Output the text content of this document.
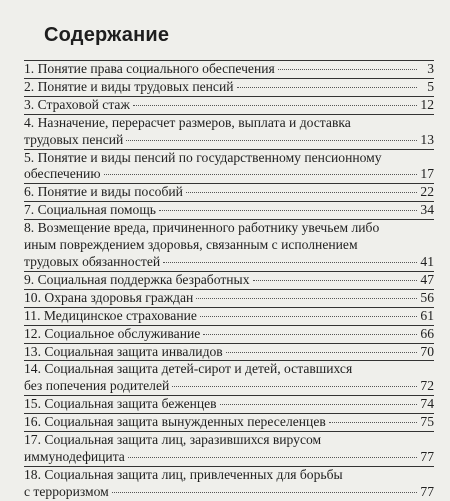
Содержание
1. Понятие права социального обеспечения	3
2. Понятие и виды трудовых пенсий	5
3. Страховой стаж	12
4. Назначение, перерасчет размеров, выплата и доставка
трудовых пенсий	13
5. Понятие и виды пенсий по государственному пенсионному
обеспечению	17
6. Понятие и виды пособий	22
7. Социальная помощь	34
8. Возмещение вреда, причиненного работнику увечьем либо
иным повреждением здоровья, связанным с исполнением
трудовых обязанностей	41
9. Социальная поддержка безработных	47
10. Охрана здоровья граждан	56
11. Медицинское страхование	61
12. Социальное обслуживание	66
13. Социальная защита инвалидов	70
14. Социальная защита детей-сирот и детей, оставшихся
без попечения родителей	72
15. Социальная защита беженцев	74
16. Социальная защита вынужденных переселенцев	75
17. Социальная защита лиц, заразившихся вирусом
иммунодефицита	77
18. Социальная защита лиц, привлеченных для борьбы
с терроризмом	77
